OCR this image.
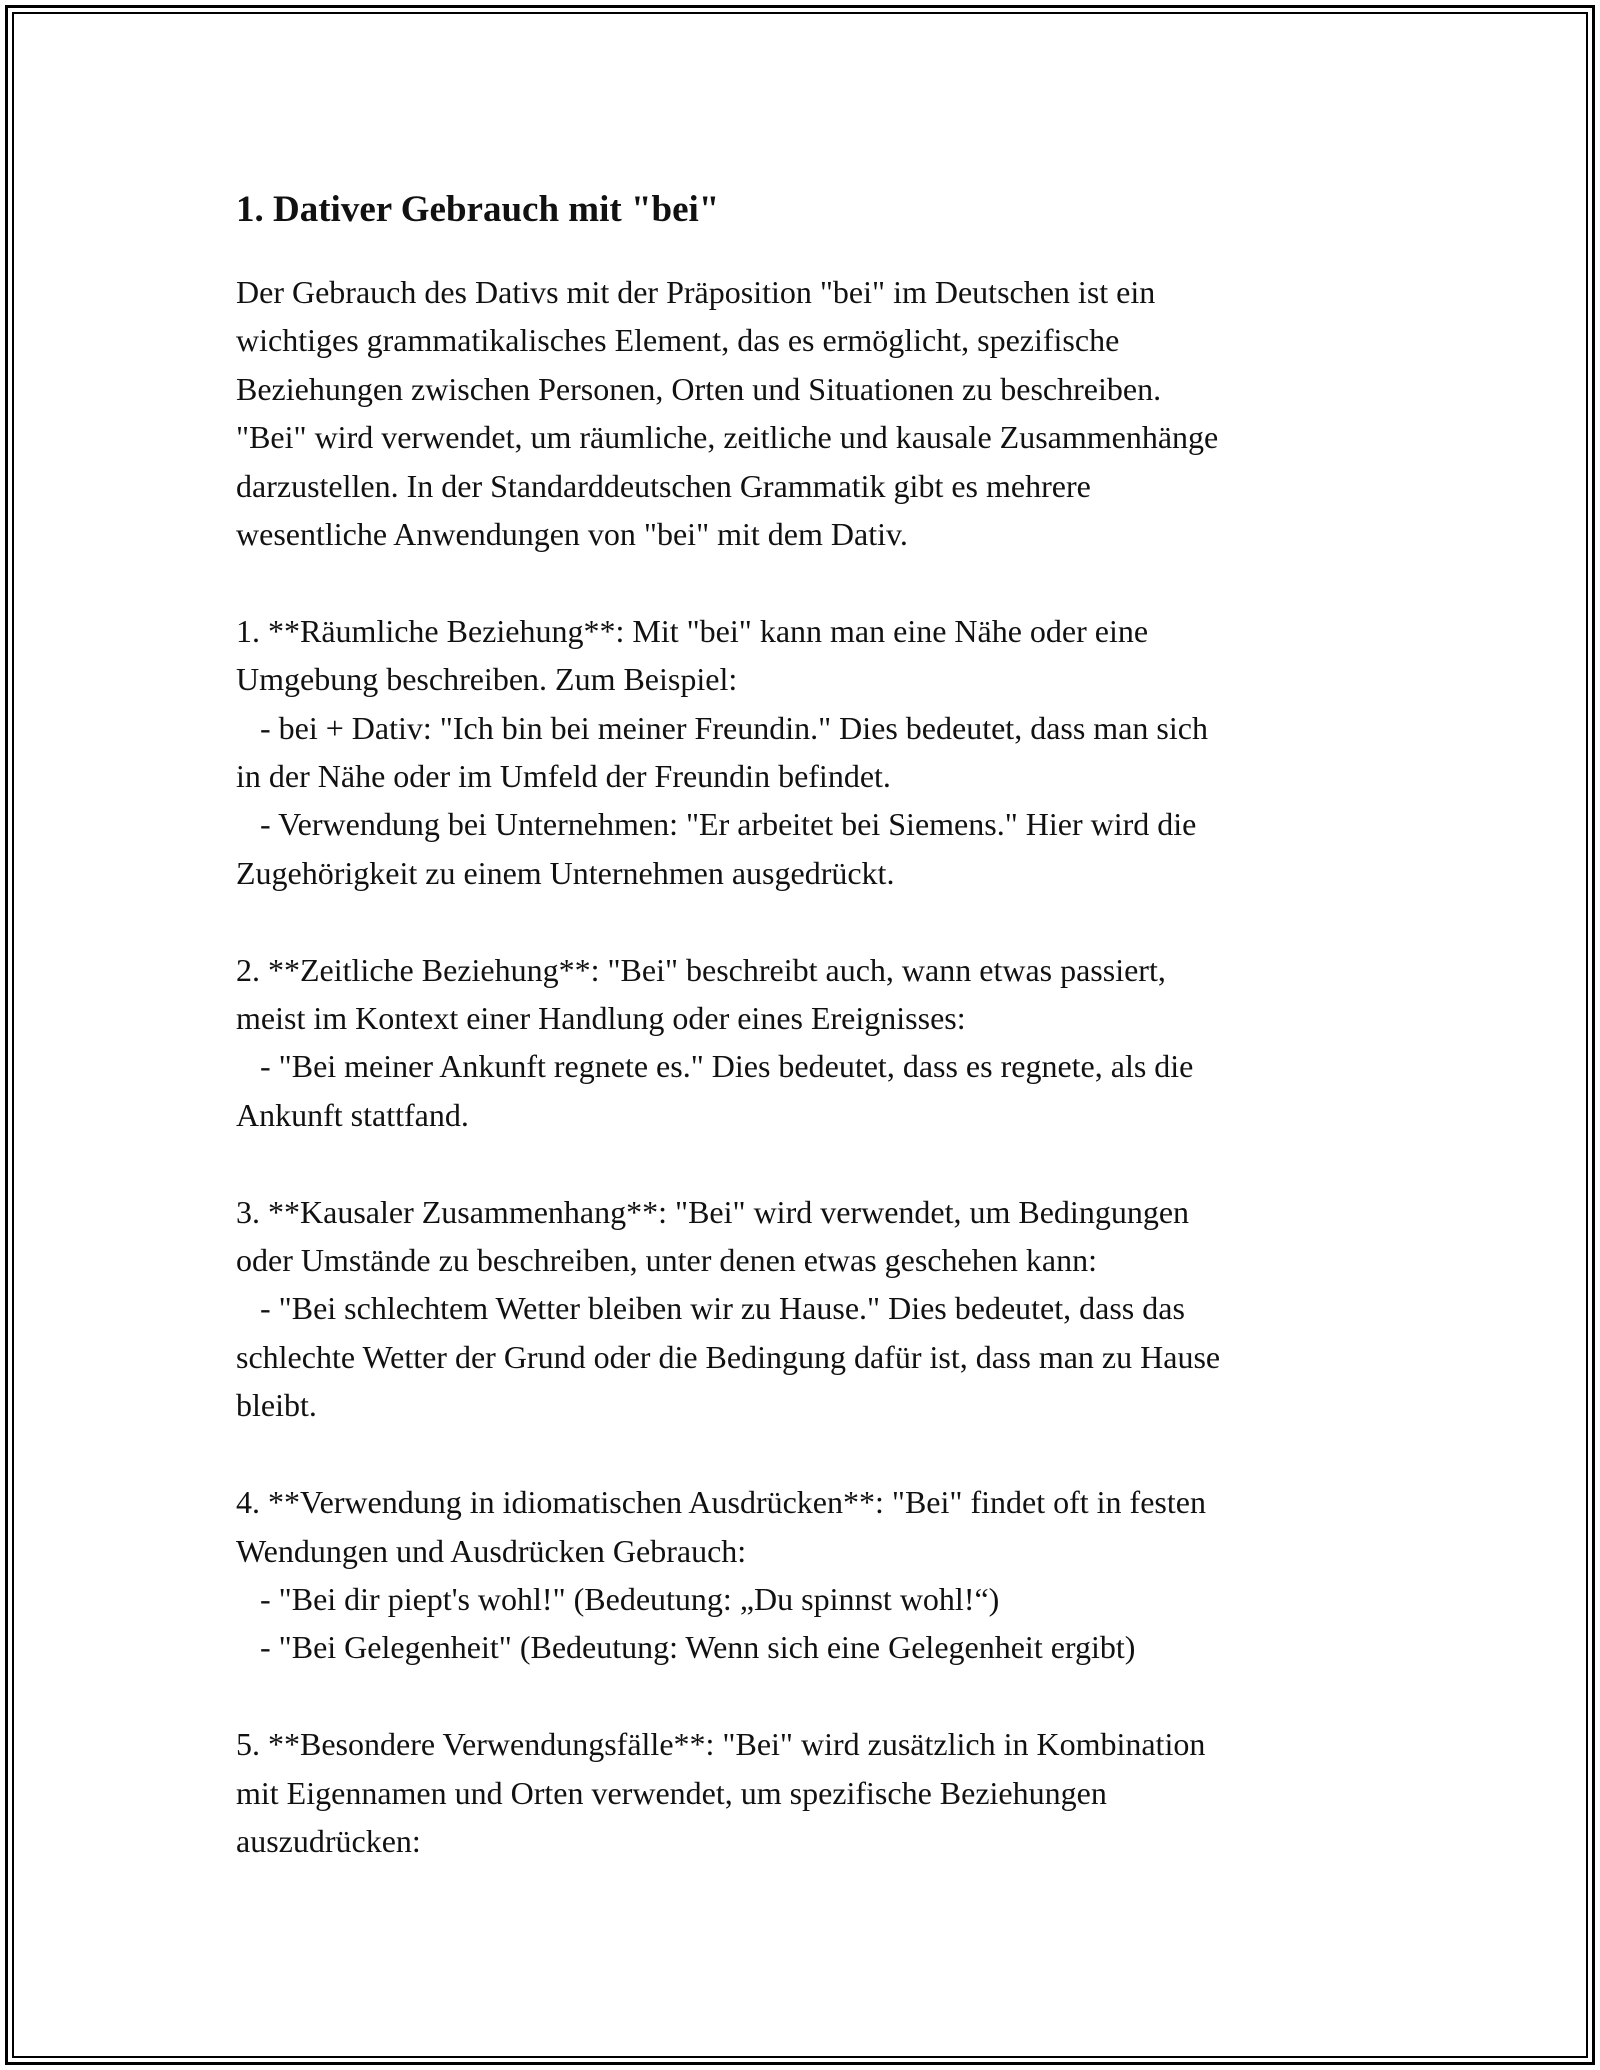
1. Dativer Gebrauch mit "bei"

Der Gebrauch des Dativs mit der Präposition "bei" im Deutschen ist ein
wichtiges grammatikalisches Element, das es ermöglicht, spezifische
Beziehungen zwischen Personen, Orten und Situationen zu beschreiben.
"Bei" wird verwendet, um räumliche, zeitliche und kausale Zusammenhänge
darzustellen. In der Standarddeutschen Grammatik gibt es mehrere
wesentliche Anwendungen von "bei" mit dem Dativ.

1. **Räumliche Beziehung**: Mit "bei" kann man eine Nähe oder eine
Umgebung beschreiben. Zum Beispiel:
- bei + Dativ: "Ich bin bei meiner Freundin." Dies bedeutet, dass man sich
in der Nähe oder im Umfeld der Freundin befindet.
- Verwendung bei Unternehmen: "Er arbeitet bei Siemens." Hier wird die
Zugehörigkeit zu einem Unternehmen ausgedrückt.

2. **Zeitliche Beziehung**: "Bei" beschreibt auch, wann etwas passiert,
meist im Kontext einer Handlung oder eines Ereignisses:
- "Bei meiner Ankunft regnete es." Dies bedeutet, dass es regnete, als die
Ankunft stattfand.

3. **Kausaler Zusammenhang**: "Bei" wird verwendet, um Bedingungen
oder Umstände zu beschreiben, unter denen etwas geschehen kann:
- "Bei schlechtem Wetter bleiben wir zu Hause." Dies bedeutet, dass das
schlechte Wetter der Grund oder die Bedingung dafür ist, dass man zu Hause
bleibt.

4. **Verwendung in idiomatischen Ausdrücken**: "Bei" findet oft in festen
Wendungen und Ausdrücken Gebrauch:
- "Bei dir piept's wohl!" (Bedeutung: „Du spinnst wohl!“)
- "Bei Gelegenheit" (Bedeutung: Wenn sich eine Gelegenheit ergibt)

5. **Besondere Verwendungsfälle**: "Bei" wird zusätzlich in Kombination
mit Eigennamen und Orten verwendet, um spezifische Beziehungen
auszudrücken:
